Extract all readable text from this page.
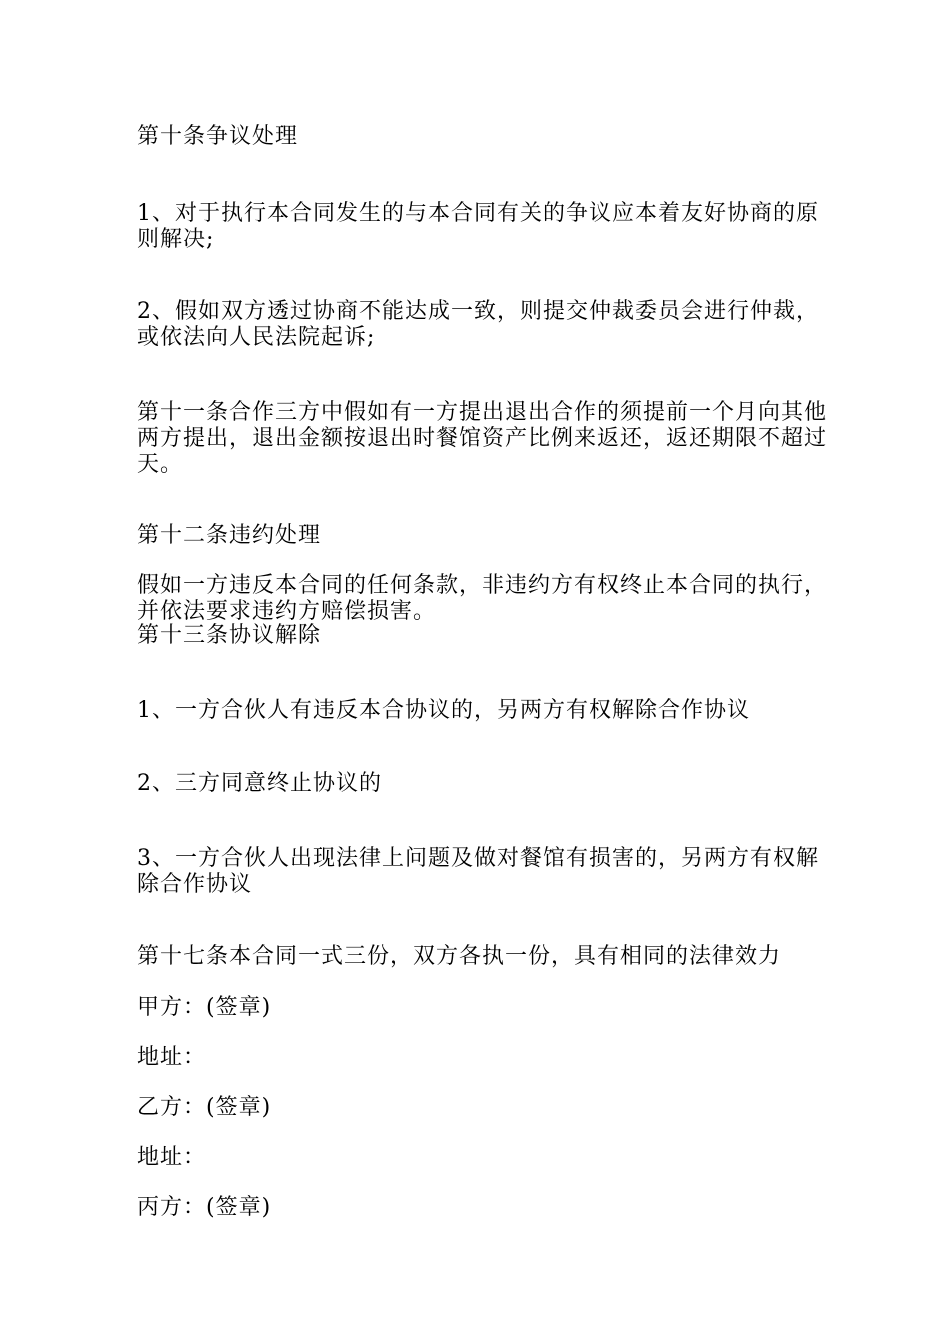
第十条争议处理
1、对于执行本合同发生的与本合同有关的争议应本着友好协商的原
则解决;
2、假如双方透过协商不能达成一致，则提交仲裁委员会进行仲裁，
或依法向人民法院起诉;
第十一条合作三方中假如有一方提出退出合作的须提前一个月向其他
两方提出，退出金额按退出时餐馆资产比例来返还，返还期限不超过
天。
第十二条违约处理
假如一方违反本合同的任何条款，非违约方有权终止本合同的执行，
并依法要求违约方赔偿损害。
第十三条协议解除
1、一方合伙人有违反本合协议的，另两方有权解除合作协议
2、三方同意终止协议的
3、一方合伙人出现法律上问题及做对餐馆有损害的，另两方有权解
除合作协议
第十七条本合同一式三份，双方各执一份，具有相同的法律效力
甲方：(签章)
地址：
乙方：(签章)
地址：
丙方：(签章)
